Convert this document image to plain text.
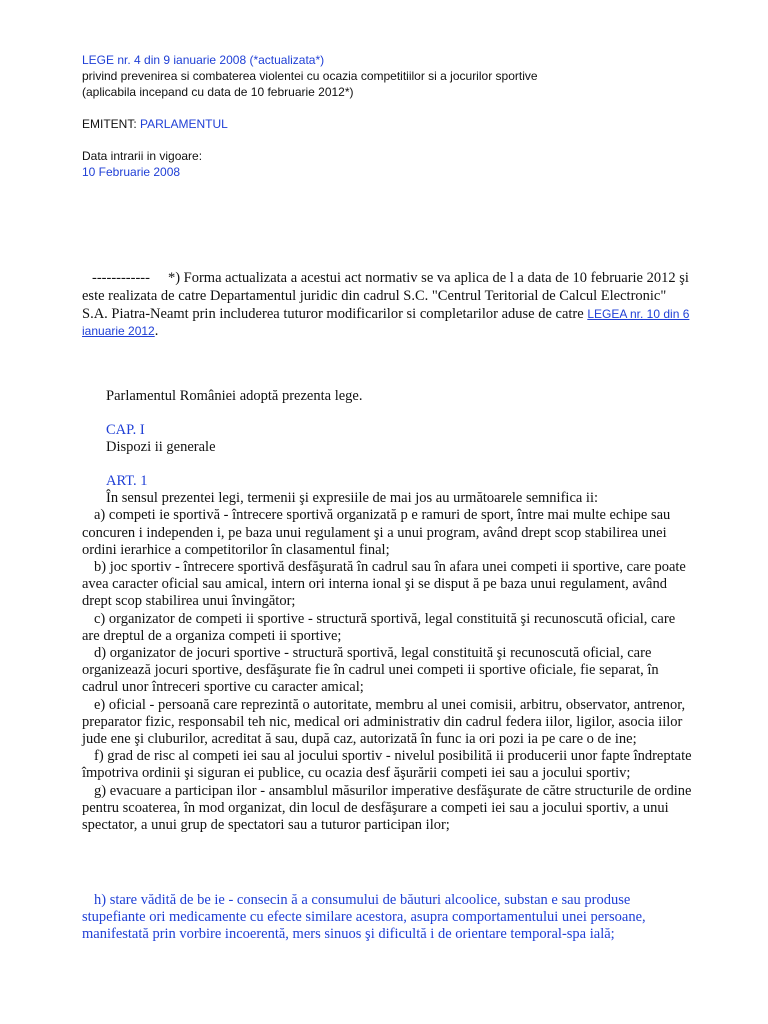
LEGE nr. 4 din 9 ianuarie 2008 (*actualizata*)

privind prevenirea si combaterea violentei cu ocazia competitiilor si a jocurilor sportive

(aplicabila incepand cu data de 10 februarie 2012*)

EMITENT: PARLAMENTUL

Data intrarii in vigoare:

10 Februarie 2008

------------ *) Forma actualizata a acestui act normativ se va aplica de l a data de 10 februarie 2012 şi este realizata de catre Departamentul juridic din cadrul S.C. "Centrul Teritorial de Calcul Electronic" S.A. Piatra-Neamt prin includerea tuturor modificarilor si completarilor aduse de catre LEGEA nr. 10 din 6 ianuarie 2012.
Parlamentul României adoptă prezenta lege.

CAP. I

Dispozi ii generale

ART. 1

În sensul prezentei legi, termenii şi expresiile de mai jos au următoarele semnifica ii:

a) competi ie sportivă - întrecere sportivă organizată p e ramuri de sport, între mai multe echipe sau concuren i independen i, pe baza unui regulament şi a unui program, având drept scop stabilirea unei ordini ierarhice a competitorilor în clasamentul final;

b) joc sportiv - întrecere sportivă desfăşurată în cadrul sau în afara unei competi ii sportive, care poate avea caracter oficial sau amical, intern ori interna ional şi se disput ă pe baza unui regulament, având drept scop stabilirea unui învingător;

c) organizator de competi ii sportive - structură sportivă, legal constituită şi recunoscută oficial, care are dreptul de a organiza competi ii sportive;

d) organizator de jocuri sportive - structură sportivă, legal constituită şi recunoscută oficial, care organizează jocuri sportive, desfăşurate fie în cadrul unei competi ii sportive oficiale, fie separat, în cadrul unor întreceri sportive cu caracter amical;

e) oficial - persoană care reprezintă o autoritate, membru al unei comisii, arbitru, observator, antrenor, preparator fizic, responsabil teh nic, medical ori administrativ din cadrul federa iilor, ligilor, asocia iilor jude ene şi cluburilor, acreditat ă sau, după caz, autorizată în func ia ori pozi ia pe care o de ine;

f) grad de risc al competi iei sau al jocului sportiv - nivelul posibilită ii producerii unor fapte îndreptate împotriva ordinii şi siguran ei publice, cu ocazia desf ăşurării competi iei sau a jocului sportiv;

g) evacuare a participan ilor - ansamblul măsurilor imperative desfăşurate de către structurile de ordine pentru scoaterea, în mod organizat, din locul de desfăşurare a competi iei sau a jocului sportiv, a unui spectator, a unui grup de spectatori sau a tuturor participan ilor;

h) stare vădită de be ie - consecin ă a consumului de băuturi alcoolice, substan e sau produse stupefiante ori medicamente cu efecte similare acestora, asupra comportamentului unei persoane, manifestată prin vorbire incoerentă, mers sinuos şi dificultă i de orientare temporal-spa ială;
